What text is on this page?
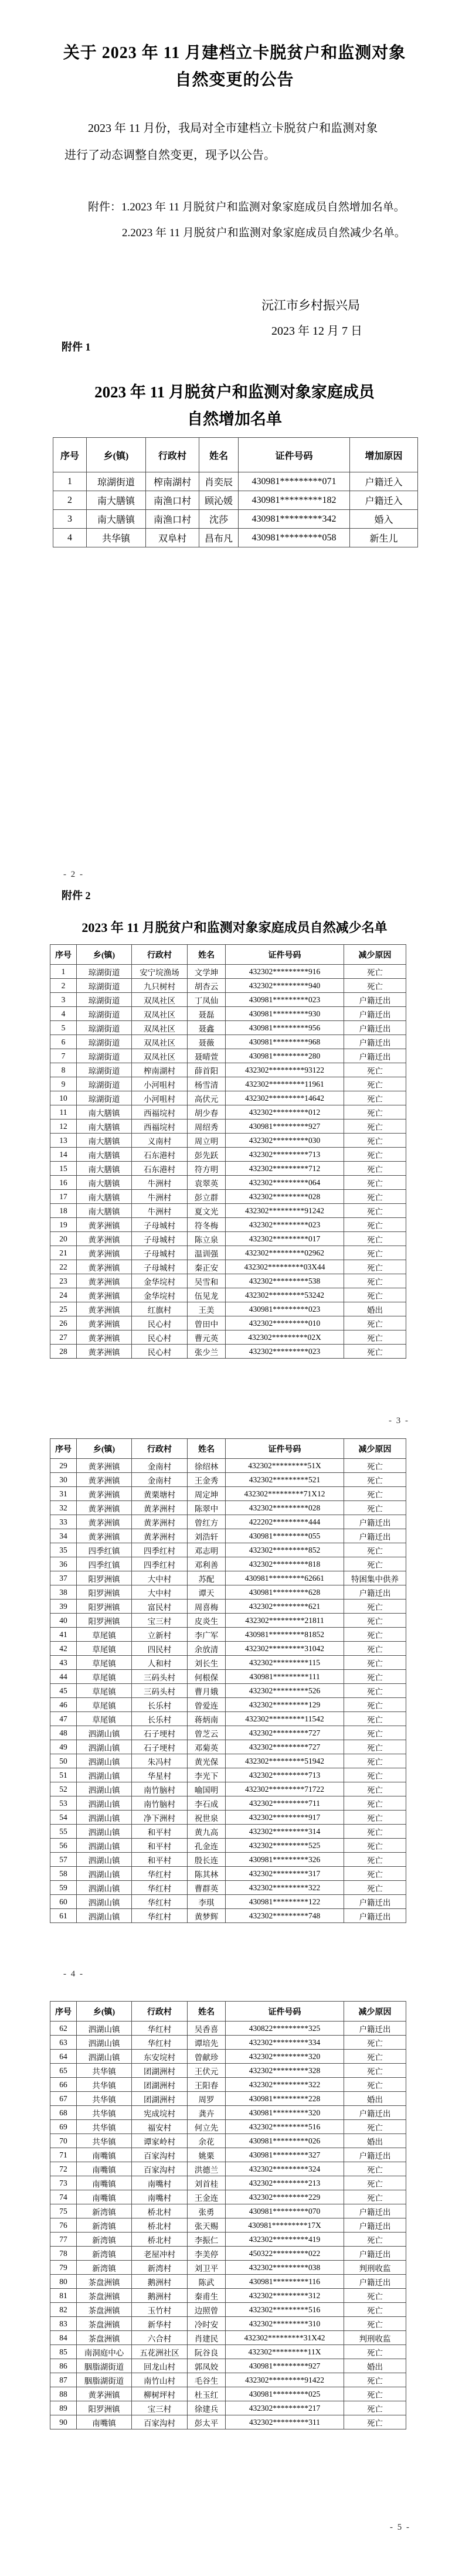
关于 2023 年 11 月建档立卡脱贫户和监测对象
自然变更的公告
2023 年 11 月份，我局对全市建档立卡脱贫户和监测对象
进行了动态调整自然变更，现予以公告。
附件：1.2023 年 11 月脱贫户和监测对象家庭成员自然增加名单。
2.2023 年 11 月脱贫户和监测对象家庭成员自然减少名单。
沅江市乡村振兴局
2023 年 12 月 7 日
附件 1
2023 年 11 月脱贫户和监测对象家庭成员
自然增加名单
序号	乡(镇)	行政村	姓名	证件号码	增加原因
1	琼湖街道	榨南湖村	肖奕辰	430981*********071	户籍迁入
2	南大膳镇	南渔口村	顾沁媛	430981*********182	户籍迁入
3	南大膳镇	南渔口村	沈莎	430981*********342	婚入
4	共华镇	双阜村	昌布凡	430981*********058	新生儿
- 2 -
附件 2
2023 年 11 月脱贫户和监测对象家庭成员自然减少名单
序号	乡(镇)	行政村	姓名	证件号码	减少原因
1	琼湖街道	安宁垸渔场	文学坤	432302*********916	死亡
2	琼湖街道	九只树村	胡杏云	432302*********940	死亡
3	琼湖街道	双凤社区	丁凤仙	430981*********023	户籍迁出
4	琼湖街道	双凤社区	聂磊	430981*********930	户籍迁出
5	琼湖街道	双凤社区	聂鑫	430981*********956	户籍迁出
6	琼湖街道	双凤社区	聂薇	430981*********968	户籍迁出
7	琼湖街道	双凤社区	聂晴萱	430981*********280	户籍迁出
8	琼湖街道	榨南湖村	薛首阳	432302*********93122	死亡
9	琼湖街道	小河咀村	杨雪清	432302*********11961	死亡
10	琼湖街道	小河咀村	高伏元	432302*********14642	死亡
11	南大膳镇	西福垸村	胡少春	432302*********012	死亡
12	南大膳镇	西福垸村	周绍秀	430981*********927	死亡
13	南大膳镇	义南村	周立明	432302*********030	死亡
14	南大膳镇	石东港村	彭先跃	432302*********713	死亡
15	南大膳镇	石东港村	符方明	432302*********712	死亡
16	南大膳镇	牛洲村	袁翠英	432302*********064	死亡
17	南大膳镇	牛洲村	彭立群	432302*********028	死亡
18	南大膳镇	牛洲村	夏文光	432302*********91242	死亡
19	黄茅洲镇	子母城村	符冬梅	432302*********023	死亡
20	黄茅洲镇	子母城村	陈立泉	432302*********017	死亡
21	黄茅洲镇	子母城村	温训强	432302*********02962	死亡
22	黄茅洲镇	子母城村	秦正安	432302*********03X44	死亡
23	黄茅洲镇	金华垸村	吴雪和	432302*********538	死亡
24	黄茅洲镇	金华垸村	伍见龙	432302*********53242	死亡
25	黄茅洲镇	红旗村	王美	430981*********023	婚出
26	黄茅洲镇	民心村	曾田中	432302*********010	死亡
27	黄茅洲镇	民心村	曹元英	432302*********02X	死亡
28	黄茅洲镇	民心村	张少兰	432302*********023	死亡
- 3 -
序号	乡(镇)	行政村	姓名	证件号码	减少原因
29	黄茅洲镇	金南村	徐绍林	432302*********51X	死亡
30	黄茅洲镇	金南村	王金秀	432302*********521	死亡
31	黄茅洲镇	黄栗塘村	周定坤	432302*********71X12	死亡
32	黄茅洲镇	黄茅洲村	陈翠中	432302*********028	死亡
33	黄茅洲镇	黄茅洲村	曾红方	422202*********444	户籍迁出
34	黄茅洲镇	黄茅洲村	刘浩轩	430981*********055	户籍迁出
35	四季红镇	四季红村	邓志明	432302*********852	死亡
36	四季红镇	四季红村	邓利善	432302*********818	死亡
37	阳罗洲镇	大中村	苏配	430981*********62661	特困集中供养
38	阳罗洲镇	大中村	谭天	430981*********628	户籍迁出
39	阳罗洲镇	富民村	周喜梅	432302*********621	死亡
40	阳罗洲镇	宝三村	皮炎生	432302*********21811	死亡
41	草尾镇	立新村	李广军	430981*********81852	死亡
42	草尾镇	四民村	余放清	432302*********31042	死亡
43	草尾镇	人和村	刘长生	432302*********115	死亡
44	草尾镇	三码头村	何根保	430981*********111	死亡
45	草尾镇	三码头村	曹月娥	432302*********526	死亡
46	草尾镇	长乐村	曾爱连	432302*********129	死亡
47	草尾镇	长乐村	蒋炳南	432302*********11542	死亡
48	泗湖山镇	石子埂村	曾芝云	432302*********727	死亡
49	泗湖山镇	石子埂村	邓菊英	432302*********727	死亡
50	泗湖山镇	朱冯村	黄光保	432302*********51942	死亡
51	泗湖山镇	华星村	李光下	432302*********713	死亡
52	泗湖山镇	南竹脑村	喻国明	432302*********71722	死亡
53	泗湖山镇	南竹脑村	李石成	432302*********711	死亡
54	泗湖山镇	净下洲村	祝世泉	432302*********917	死亡
55	泗湖山镇	和平村	黄九高	432302*********314	死亡
56	泗湖山镇	和平村	孔金连	432302*********525	死亡
57	泗湖山镇	和平村	殷长连	430981*********326	死亡
58	泗湖山镇	华红村	陈其林	432302*********317	死亡
59	泗湖山镇	华红村	曹群英	432302*********322	死亡
60	泗湖山镇	华红村	李琪	430981*********122	户籍迁出
61	泗湖山镇	华红村	黄梦辉	432302*********748	户籍迁出
- 4 -
序号	乡(镇)	行政村	姓名	证件号码	减少原因
62	泗湖山镇	华红村	吴香喜	430822*********325	户籍迁出
63	泗湖山镇	华红村	谭培先	432302*********334	死亡
64	泗湖山镇	东安垸村	曾献珍	432302*********320	死亡
65	共华镇	团湖洲村	王伏元	432302*********328	死亡
66	共华镇	团湖洲村	王阳春	432302*********322	死亡
67	共华镇	团湖洲村	周罗	430981*********228	婚出
68	共华镇	宪成垸村	龚卉	430981*********320	户籍迁出
69	共华镇	福安村	何立先	432302*********516	死亡
70	共华镇	谭家岭村	余花	430981*********026	婚出
71	南嘴镇	百家沟村	姚栗	430981*********327	户籍迁出
72	南嘴镇	百家沟村	洪德兰	432302*********324	死亡
73	南嘴镇	南嘴村	刘首桂	432302*********213	死亡
74	南嘴镇	南嘴村	王金连	432302*********229	死亡
75	新湾镇	桥北村	张勇	430981*********070	户籍迁出
76	新湾镇	桥北村	张天赐	430981*********17X	户籍迁出
77	新湾镇	桥北村	李振仁	432302*********419	死亡
78	新湾镇	老屋冲村	李美停	450322*********022	户籍迁出
79	新湾镇	新湾村	刘卫平	432302*********038	判刑收监
80	茶盘洲镇	鹅洲村	陈武	430981*********116	户籍迁出
81	茶盘洲镇	鹅洲村	秦甫生	432302*********312	死亡
82	茶盘洲镇	玉竹村	边照曾	432302*********516	死亡
83	茶盘洲镇	新华村	冷时安	432302*********310	死亡
84	茶盘洲镇	六合村	肖建民	432302*********31X42	判刑收监
85	南洞庭中心	五花洲社区	阮谷良	432302*********11X	死亡
86	胭脂湖街道	回龙山村	郭凤姣	430981*********927	婚出
87	胭脂湖街道	南竹山村	毛谷生	432302*********91422	死亡
88	黄茅洲镇	柳树坪村	杜玉红	430981*********025	死亡
89	阳罗洲镇	宝三村	徐建兵	432302*********217	死亡
90	南嘴镇	百家沟村	彭太平	432302*********311	死亡
- 5 -
